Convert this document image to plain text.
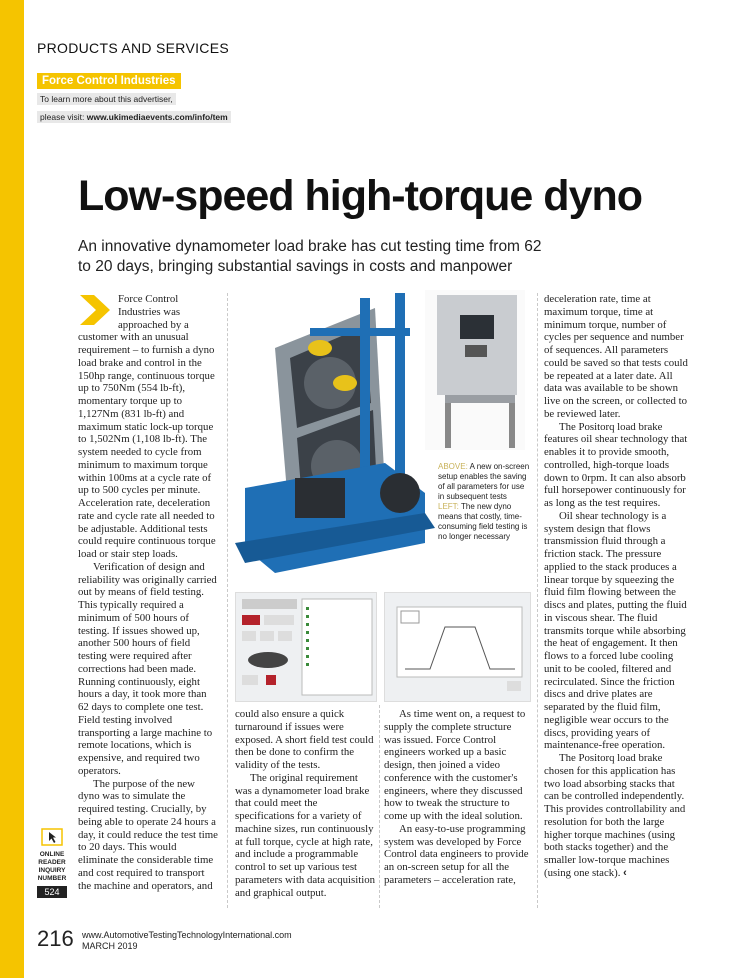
PRODUCTS AND SERVICES
Force Control Industries
To learn more about this advertiser,
please visit: www.ukimediaevents.com/info/tem
Low-speed high-torque dyno
An innovative dynamometer load brake has cut testing time from 62 to 20 days, bringing substantial savings in costs and manpower

Force Control Industries was approached by a customer with an unusual requirement – to furnish a dyno load brake and control in the 150hp range, continuous torque up to 750Nm (554 lb-ft), momentary torque up to 1,127Nm (831 lb-ft) and maximum static lock-up torque to 1,502Nm (1,108 lb-ft). The system needed to cycle from minimum to maximum torque within 100ms at a cycle rate of up to 500 cycles per minute. Acceleration rate, deceleration rate and cycle rate all needed to be adjustable. Additional tests could require continuous torque load or stair step loads.

Verification of design and reliability was originally carried out by means of field testing. This typically required a minimum of 500 hours of testing. If issues showed up, another 500 hours of field testing were required after corrections had been made. Running continuously, eight hours a day, it took more than 62 days to complete one test. Field testing involved transporting a large machine to remote locations, which is expensive, and required two operators.

The purpose of the new dyno was to simulate the required testing. Crucially, by being able to operate 24 hours a day, it could reduce the test time to 20 days. This would eliminate the considerable time and cost required to transport the machine and operators, and

ABOVE: A new on-screen setup enables the saving of all parameters for use in subsequent tests
LEFT: The new dyno means that costly, time-consuming field testing is no longer necessary

could also ensure a quick turnaround if issues were exposed. A short field test could then be done to confirm the validity of the tests.

The original requirement was a dynamometer load brake that could meet the specifications for a variety of machine sizes, run continuously at full torque, cycle at high rate, and include a programmable control to set up various test parameters with data acquisition and graphical output.

As time went on, a request to supply the complete structure was issued. Force Control engineers worked up a basic design, then joined a video conference with the customer's engineers, where they discussed how to tweak the structure to come up with the ideal solution.

An easy-to-use programming system was developed by Force Control data engineers to provide an on-screen setup for all the parameters – acceleration rate,

deceleration rate, time at maximum torque, time at minimum torque, number of cycles per sequence and number of sequences. All parameters could be saved so that tests could be repeated at a later date. All data was available to be shown live on the screen, or collected to be reviewed later.

The Positorq load brake features oil shear technology that enables it to provide smooth, controlled, high-torque loads down to 0rpm. It can also absorb full horsepower continuously for as long as the test requires.

Oil shear technology is a system design that flows transmission fluid through a friction stack. The pressure applied to the stack produces a linear torque by squeezing the fluid film flowing between the discs and plates, putting the fluid in viscous shear. The fluid transmits torque while absorbing the heat of engagement. It then flows to a forced lube cooling unit to be cooled, filtered and recirculated. Since the friction discs and drive plates are separated by the fluid film, negligible wear occurs to the discs, providing years of maintenance-free operation.

The Positorq load brake chosen for this application has two load absorbing stacks that can be controlled independently. This provides controllability and resolution for both the large higher torque machines (using both stacks together) and the smaller low-torque machines (using one stack). ‹

ONLINE
READER
INQUIRY
NUMBER
524
216 www.AutomotiveTestingTechnologyInternational.com
MARCH 2019
